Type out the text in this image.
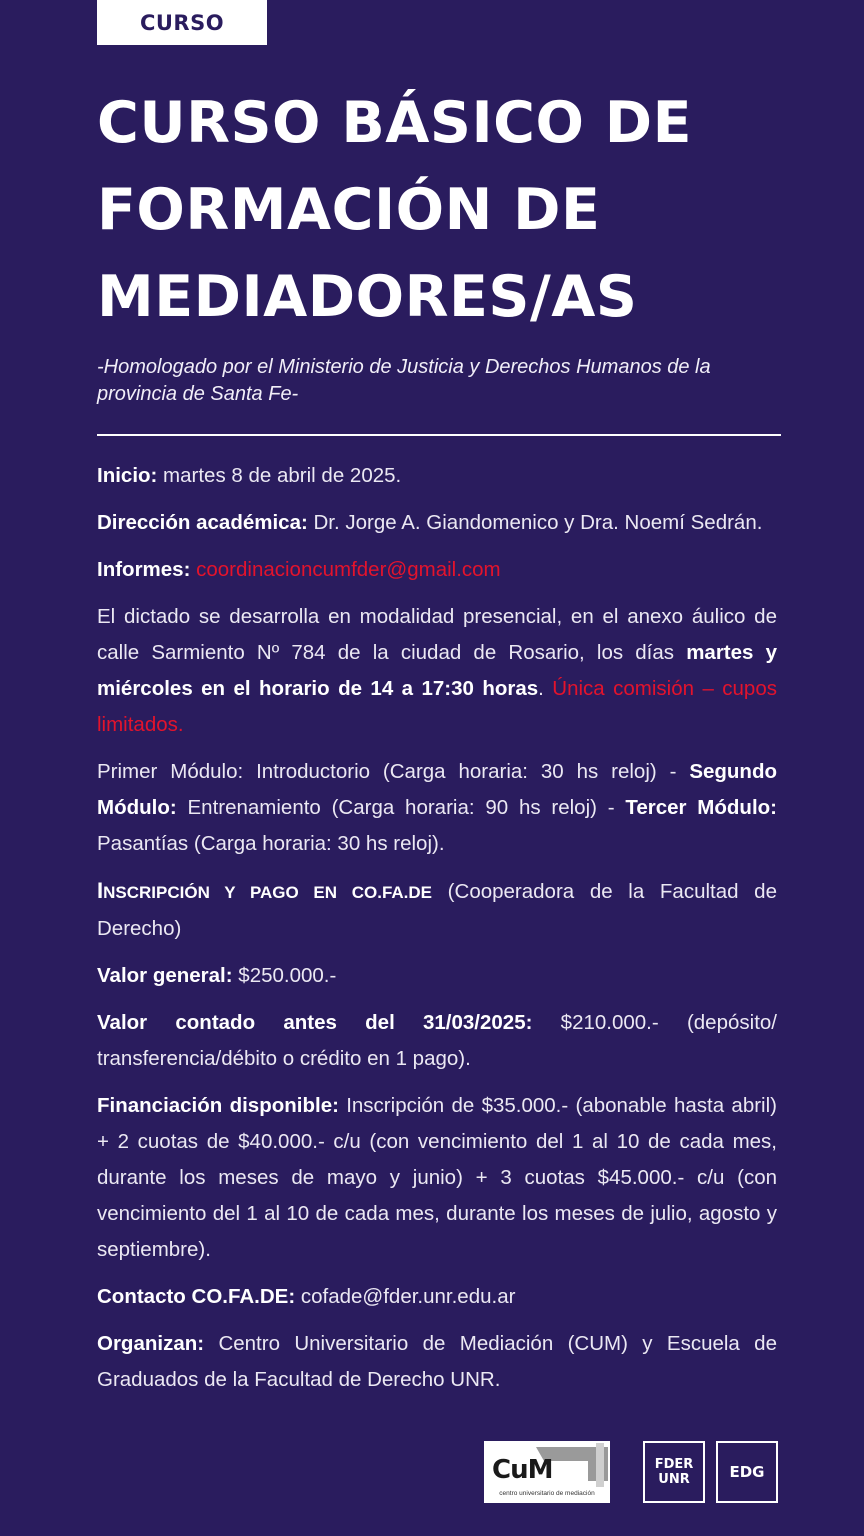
CURSO
CURSO BÁSICO DE
FORMACIÓN DE
MEDIADORES/AS
-Homologado por el Ministerio de Justicia y Derechos Humanos de la provincia de Santa Fe-

Inicio: martes 8 de abril de 2025.

Dirección académica: Dr. Jorge A. Giandomenico y Dra. Noemí Sedrán.

Informes: coordinacioncumfder@gmail.com

El dictado se desarrolla en modalidad presencial, en el anexo áulico de calle Sarmiento Nº 784 de la ciudad de Rosario, los días martes y miércoles en el horario de 14 a 17:30 horas. Única comisión – cupos limitados.

Primer Módulo: Introductorio (Carga horaria: 30 hs reloj) - Segundo Módulo: Entrenamiento (Carga horaria: 90 hs reloj) - Tercer Módulo: Pasantías (Carga horaria: 30 hs reloj).

INSCRIPCIÓN Y PAGO EN CO.FA.DE (Cooperadora de la Facultad de Derecho)

Valor general: $250.000.-

Valor contado antes del 31/03/2025: $210.000.- (depósito/ transferencia/débito o crédito en 1 pago).

Financiación disponible: Inscripción de $35.000.- (abonable hasta abril) + 2 cuotas de $40.000.- c/u (con vencimiento del 1 al 10 de cada mes, durante los meses de mayo y junio) + 3 cuotas $45.000.- c/u (con vencimiento del 1 al 10 de cada mes, durante los meses de julio, agosto y septiembre).

Contacto CO.FA.DE: cofade@fder.unr.edu.ar

Organizan: Centro Universitario de Mediación (CUM) y Escuela de Graduados de la Facultad de Derecho UNR.

CuM
centro universitario de mediación
FDER
UNR	EDG
